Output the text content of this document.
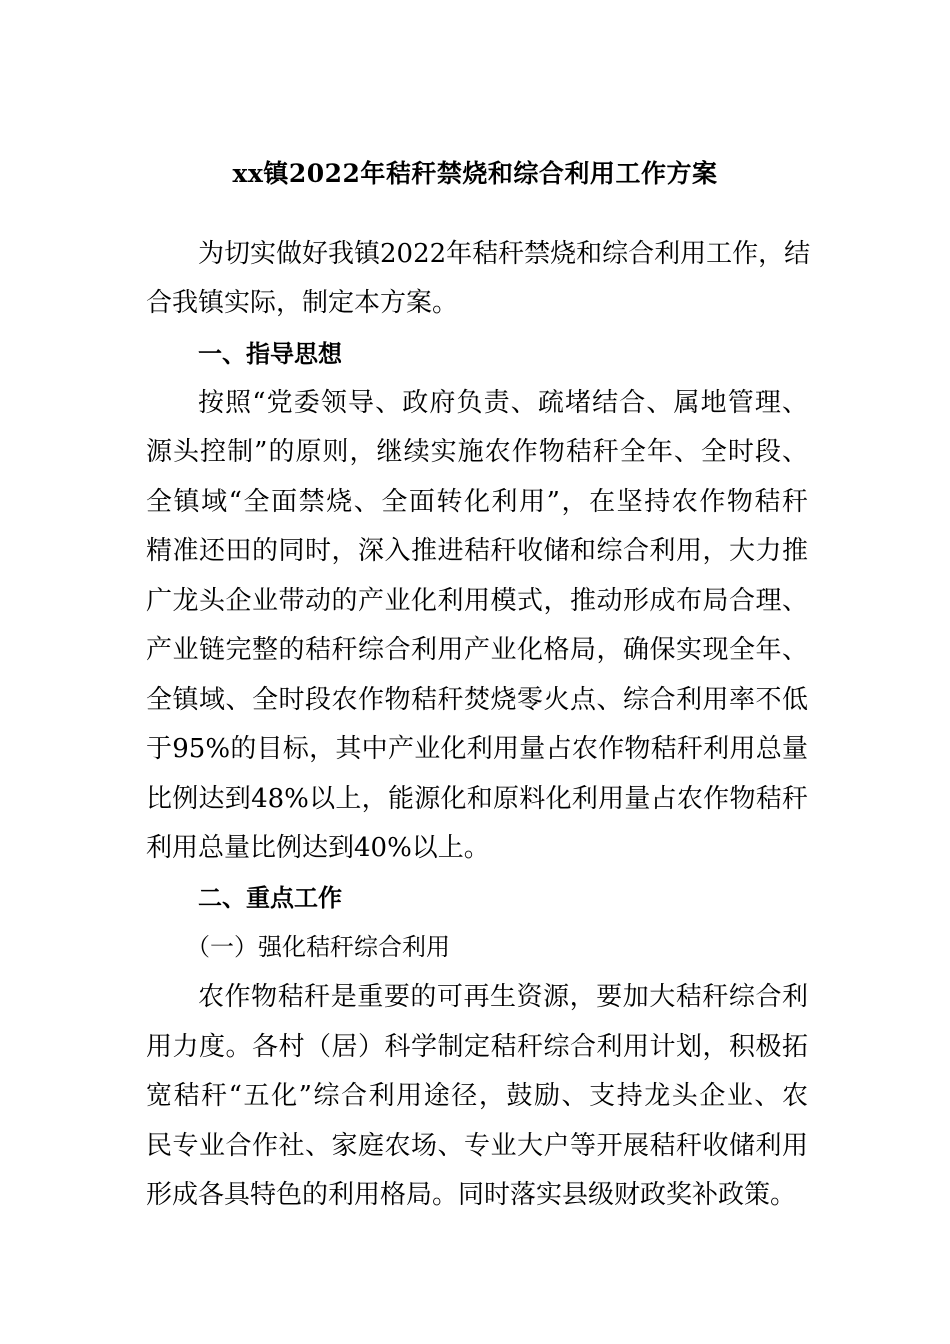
xx镇2022年秸秆禁烧和综合利用工作方案
为切实做好我镇2022年秸秆禁烧和综合利用工作，结
合我镇实际，制定本方案。
一、指导思想
按照“党委领导、政府负责、疏堵结合、属地管理、
源头控制”的原则，继续实施农作物秸秆全年、全时段、
全镇域“全面禁烧、全面转化利用”，在坚持农作物秸秆
精准还田的同时，深入推进秸秆收储和综合利用，大力推
广龙头企业带动的产业化利用模式，推动形成布局合理、
产业链完整的秸秆综合利用产业化格局，确保实现全年、
全镇域、全时段农作物秸秆焚烧零火点、综合利用率不低
于95%的目标，其中产业化利用量占农作物秸秆利用总量
比例达到48%以上，能源化和原料化利用量占农作物秸秆
利用总量比例达到40%以上。
二、重点工作
（一）强化秸秆综合利用
农作物秸秆是重要的可再生资源，要加大秸秆综合利
用力度。各村（居）科学制定秸秆综合利用计划，积极拓
宽秸秆“五化”综合利用途径，鼓励、支持龙头企业、农
民专业合作社、家庭农场、专业大户等开展秸秆收储利用
形成各具特色的利用格局。同时落实县级财政奖补政策。
